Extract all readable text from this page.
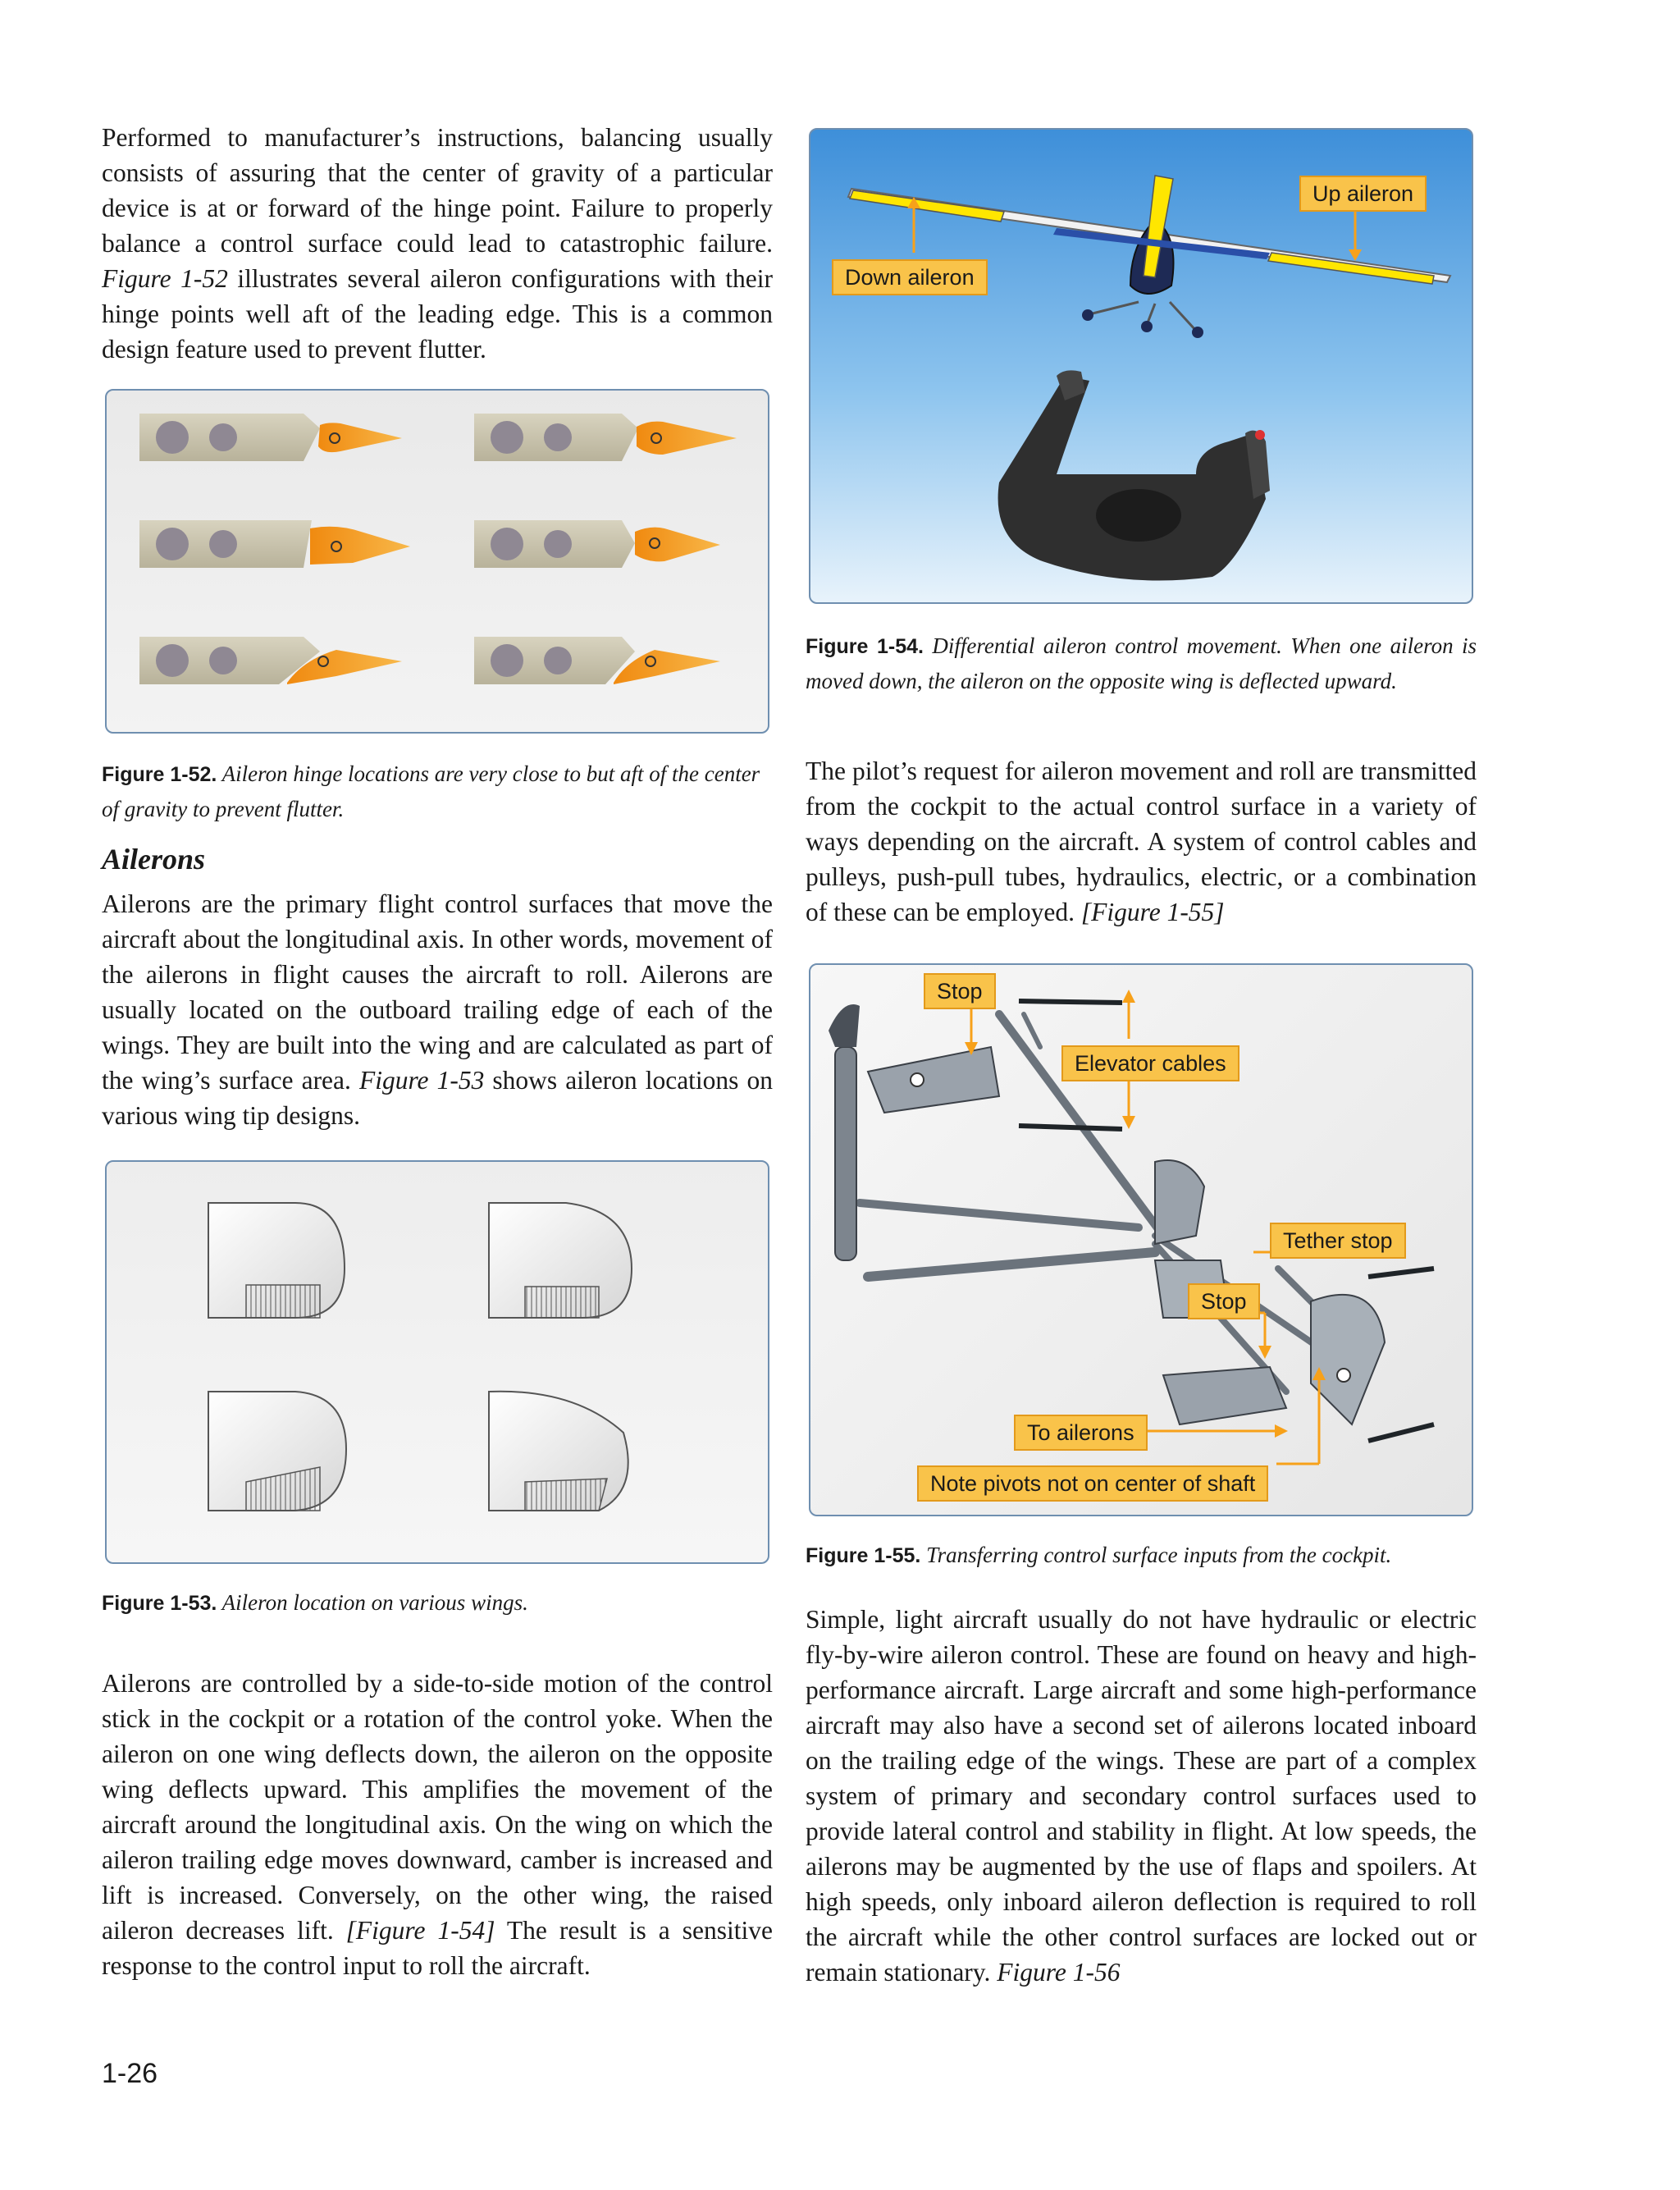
Performed to manufacturer’s instructions, balancing usually consists of assuring that the center of gravity of a particular device is at or forward of the hinge point. Failure to properly balance a control surface could lead to catastrophic failure. Figure 1-52 illustrates several aileron configurations with their hinge points well aft of the leading edge. This is a common design feature used to prevent flutter.

Figure 1-52. Aileron hinge locations are very close to but aft of the center of gravity to prevent flutter.

Ailerons

Ailerons are the primary flight control surfaces that move the aircraft about the longitudinal axis. In other words, movement of the ailerons in flight causes the aircraft to roll. Ailerons are usually located on the outboard trailing edge of each of the wings. They are built into the wing and are calculated as part of the wing’s surface area. Figure 1-53 shows aileron locations on various wing tip designs.

Figure 1-53. Aileron location on various wings.

Ailerons are controlled by a side-to-side motion of the control stick in the cockpit or a rotation of the control yoke. When the aileron on one wing deflects down, the aileron on the opposite wing deflects upward. This amplifies the movement of the aircraft around the longitudinal axis. On the wing on which the aileron trailing edge moves downward, camber is increased and lift is increased. Conversely, on the other wing, the raised aileron decreases lift. [Figure 1-54] The result is a sensitive response to the control input to roll the aircraft.

Down aileron
Up aileron

Figure 1-54. Differential aileron control movement. When one aileron is moved down, the aileron on the opposite wing is deflected upward.

The pilot’s request for aileron movement and roll are transmitted from the cockpit to the actual control surface in a variety of ways depending on the aircraft. A system of control cables and pulleys, push-pull tubes, hydraulics, electric, or a combination of these can be employed. [Figure 1-55]

Stop
Elevator cables
Tether stop
Stop
To ailerons
Note pivots not on center of shaft

Figure 1-55. Transferring control surface inputs from the cockpit.

Simple, light aircraft usually do not have hydraulic or electric fly-by-wire aileron control. These are found on heavy and high-performance aircraft. Large aircraft and some high-performance aircraft may also have a second set of ailerons located inboard on the trailing edge of the wings. These are part of a complex system of primary and secondary control surfaces used to provide lateral control and stability in flight. At low speeds, the ailerons may be augmented by the use of flaps and spoilers. At high speeds, only inboard aileron deflection is required to roll the aircraft while the other control surfaces are locked out or remain stationary. Figure 1-56

1-26
